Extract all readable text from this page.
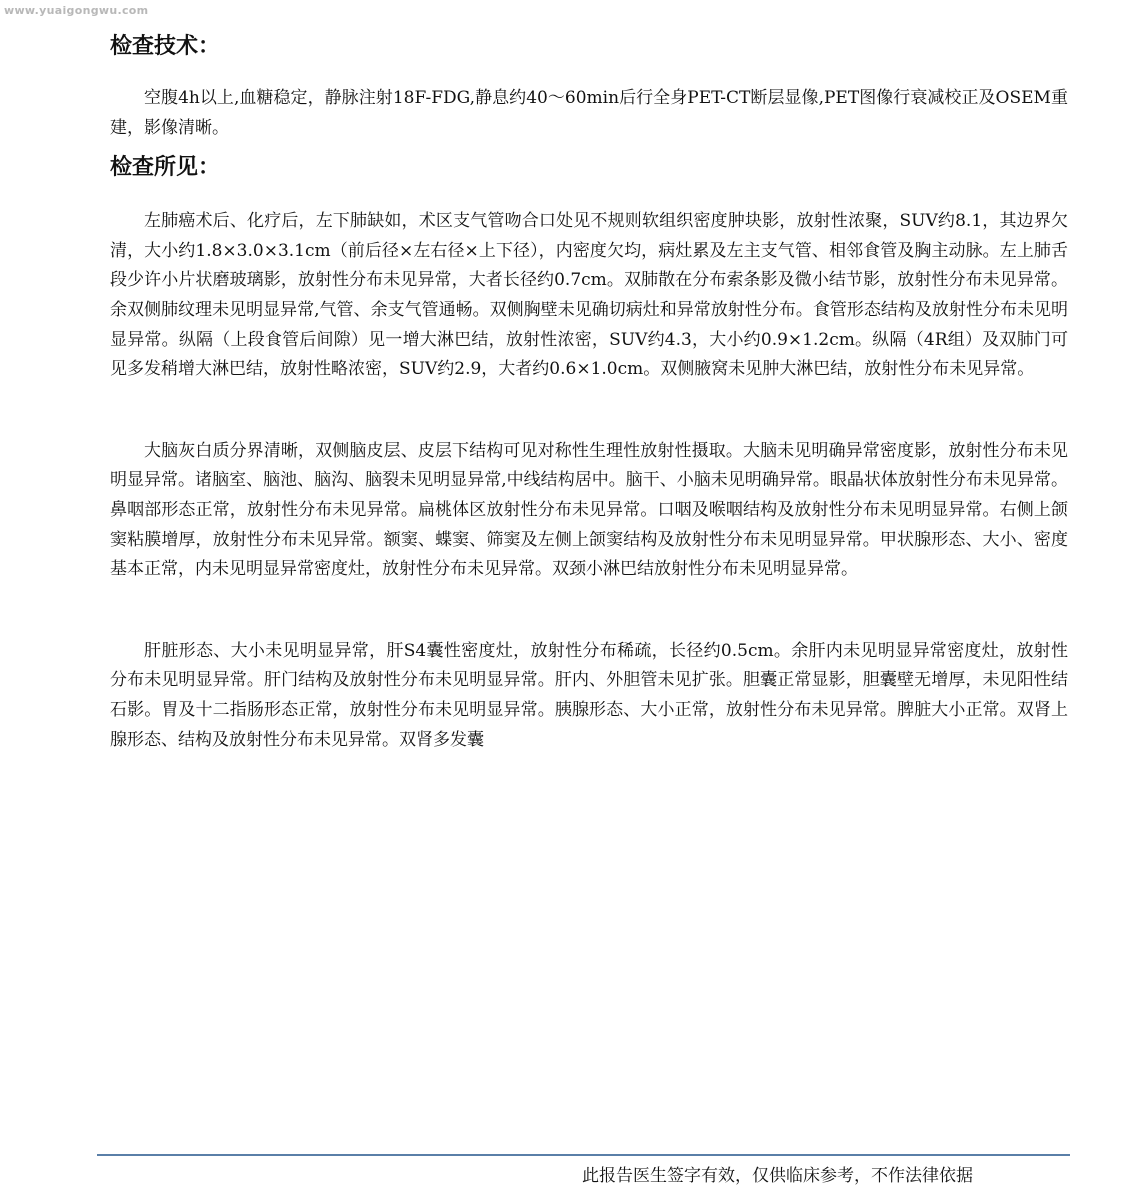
www.yuaigongwu.com
检查技术：

空腹4h以上,血糖稳定，静脉注射18F-FDG,静息约40～60min后行全身PET-CT断层显像,PET图像行衰减校正及OSEM重建，影像清晰。

检查所见：

左肺癌术后、化疗后，左下肺缺如，术区支气管吻合口处见不规则软组织密度肿块影，放射性浓聚，SUV约8.1，其边界欠清，大小约1.8×3.0×3.1cm（前后径×左右径×上下径），内密度欠均，病灶累及左主支气管、相邻食管及胸主动脉。左上肺舌段少许小片状磨玻璃影，放射性分布未见异常，大者长径约0.7cm。双肺散在分布索条影及微小结节影，放射性分布未见异常。余双侧肺纹理未见明显异常,气管、余支气管通畅。双侧胸壁未见确切病灶和异常放射性分布。食管形态结构及放射性分布未见明显异常。纵隔（上段食管后间隙）见一增大淋巴结，放射性浓密，SUV约4.3，大小约0.9×1.2cm。纵隔（4R组）及双肺门可见多发稍增大淋巴结，放射性略浓密，SUV约2.9，大者约0.6×1.0cm。双侧腋窝未见肿大淋巴结，放射性分布未见异常。

大脑灰白质分界清晰，双侧脑皮层、皮层下结构可见对称性生理性放射性摄取。大脑未见明确异常密度影，放射性分布未见明显异常。诸脑室、脑池、脑沟、脑裂未见明显异常,中线结构居中。脑干、小脑未见明确异常。眼晶状体放射性分布未见异常。鼻咽部形态正常，放射性分布未见异常。扁桃体区放射性分布未见异常。口咽及喉咽结构及放射性分布未见明显异常。右侧上颌窦粘膜增厚，放射性分布未见异常。额窦、蝶窦、筛窦及左侧上颌窦结构及放射性分布未见明显异常。甲状腺形态、大小、密度基本正常，内未见明显异常密度灶，放射性分布未见异常。双颈小淋巴结放射性分布未见明显异常。

肝脏形态、大小未见明显异常，肝S4囊性密度灶，放射性分布稀疏，长径约0.5cm。余肝内未见明显异常密度灶，放射性分布未见明显异常。肝门结构及放射性分布未见明显异常。肝内、外胆管未见扩张。胆囊正常显影，胆囊壁无增厚，未见阳性结石影。胃及十二指肠形态正常，放射性分布未见明显异常。胰腺形态、大小正常，放射性分布未见异常。脾脏大小正常。双肾上腺形态、结构及放射性分布未见异常。双肾多发囊

此报告医生签字有效，仅供临床参考，不作法律依据
